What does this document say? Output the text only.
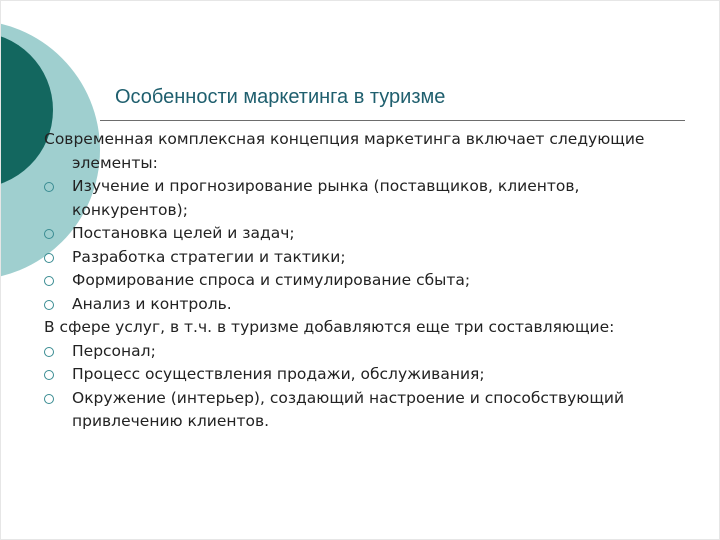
Особенности маркетинга в туризме

Современная комплексная концепция маркетинга включает следующие элементы:

Изучение и прогнозирование рынка (поставщиков, клиентов, конкурентов);
Постановка целей и задач;
Разработка стратегии и тактики;
Формирование спроса и стимулирование сбыта;
Анализ и контроль.

В сфере услуг, в т.ч. в туризме добавляются еще три составляющие:

Персонал;
Процесс осуществления продажи, обслуживания;
Окружение (интерьер), создающий настроение и способствующий привлечению клиентов.
